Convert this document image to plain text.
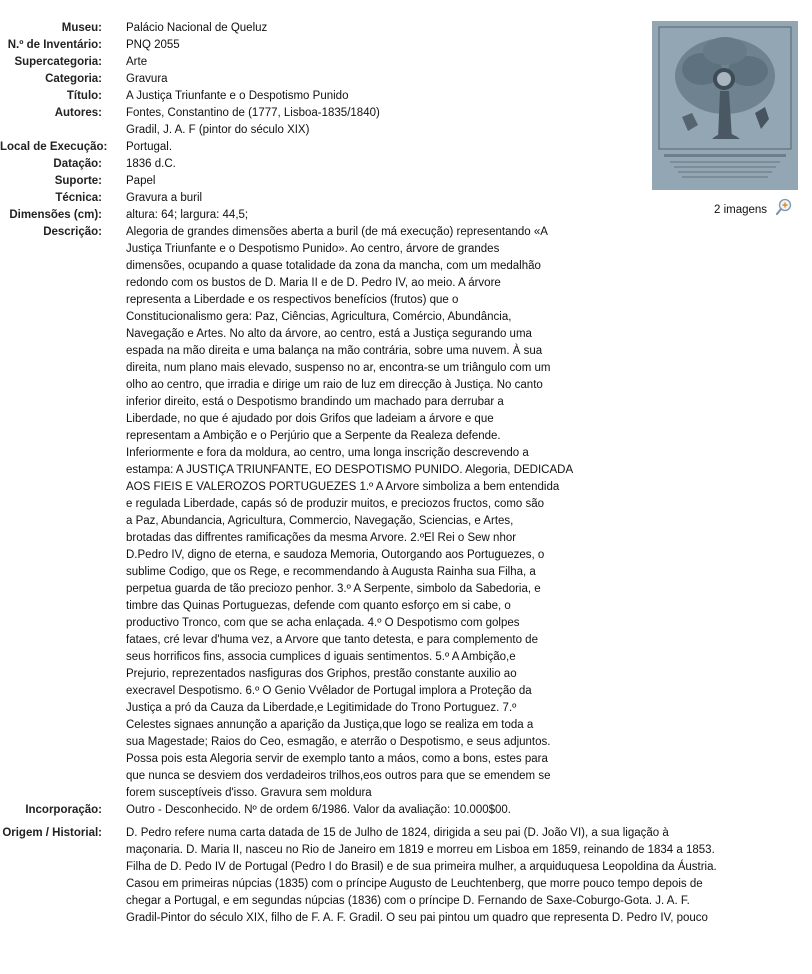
Museu:	Palácio Nacional de Queluz
N.º de Inventário:	PNQ 2055
Supercategoria:	Arte
Categoria:	Gravura
Título:	A Justiça Triunfante e o Despotismo Punido
Autores:	Fontes, Constantino de (1777, Lisboa-1835/1840)
Gradil, J. A. F (pintor do século XIX)
Local de Execução:	Portugal.
Datação:	1836 d.C.
Suporte:	Papel
Técnica:	Gravura a buril
Dimensões (cm):	altura: 64; largura: 44,5;
Descrição:	Alegoria de grandes dimensões aberta a buril (de má execução) representando «A
Justiça Triunfante e o Despotismo Punido». Ao centro, árvore de grandes
dimensões, ocupando a quase totalidade da zona da mancha, com um medalhão
redondo com os bustos de D. Maria II e de D. Pedro IV, ao meio. A árvore
representa a Liberdade e os respectivos benefícios (frutos) que o
Constitucionalismo gera: Paz, Ciências, Agricultura, Comércio, Abundância,
Navegação e Artes. No alto da árvore, ao centro, está a Justiça segurando uma
espada na mão direita e uma balança na mão contrária, sobre uma nuvem. À sua
direita, num plano mais elevado, suspenso no ar, encontra-se um triângulo com um
olho ao centro, que irradia e dirige um raio de luz em direcção à Justiça. No canto
inferior direito, está o Despotismo brandindo um machado para derrubar a
Liberdade, no que é ajudado por dois Grifos que ladeiam a árvore e que
representam a Ambição e o Perjúrio que a Serpente da Realeza defende.
Inferiormente e fora da moldura, ao centro, uma longa inscrição descrevendo a
estampa: A JUSTIÇA TRIUNFANTE, EO DESPOTISMO PUNIDO. Alegoria, DEDICADA
AOS FIEIS E VALEROZOS PORTUGUEZES 1.º A Arvore simboliza a bem entendida
e regulada Liberdade, capás só de produzir muitos, e preciozos fructos, como são
a Paz, Abundancia, Agricultura, Commercio, Navegação, Sciencias, e Artes,
brotadas das diffrentes ramificações da mesma Arvore. 2.ºEl Rei o Sew nhor
D.Pedro IV, digno de eterna, e saudoza Memoria, Outorgando aos Portuguezes, o
sublime Codigo, que os Rege, e recommendando à Augusta Rainha sua Filha, a
perpetua guarda de tão preciozo penhor. 3.º A Serpente, simbolo da Sabedoria, e
timbre das Quinas Portuguezas, defende com quanto esforço em si cabe, o
productivo Tronco, com que se acha enlaçada. 4.º O Despotismo com golpes
fataes, cré levar d'huma vez, a Arvore que tanto detesta, e para complemento de
seus horrificos fins, associa cumplices d iguais sentimentos. 5.º A Ambição,e
Prejurio, reprezentados nasfiguras dos Griphos, prestão constante auxilio ao
execravel Despotismo. 6.º O Genio Vvêlador de Portugal implora a Proteção da
Justiça a pró da Cauza da Liberdade,e Legitimidade do Trono Portuguez. 7.º
Celestes signaes annunção a aparição da Justiça,que logo se realiza em toda a
sua Magestade; Raios do Ceo, esmagão, e aterrão o Despotismo, e seus adjuntos.
Possa pois esta Alegoria servir de exemplo tanto a máos, como a bons, estes para
que nunca se desviem dos verdadeiros trilhos,eos outros para que se emendem se
forem susceptíveis d'isso. Gravura sem moldura
Incorporação:	Outro - Desconhecido. Nº de ordem 6/1986. Valor da avaliação: 10.000$00.
Origem / Historial:	D. Pedro refere numa carta datada de 15 de Julho de 1824, dirigida a seu pai (D. João VI), a sua ligação à
maçonaria. D. Maria II, nasceu no Rio de Janeiro em 1819 e morreu em Lisboa em 1859, reinando de 1834 a 1853.
Filha de D. Pedo IV de Portugal (Pedro I do Brasil) e de sua primeira mulher, a arquiduquesa Leopoldina da Áustria.
Casou em primeiras núpcias (1835) com o príncipe Augusto de Leuchtenberg, que morre pouco tempo depois de
chegar a Portugal, e em segundas núpcias (1836) com o príncipe D. Fernando de Saxe-Coburgo-Gota. J. A. F.
Gradil-Pintor do século XIX, filho de F. A. F. Gradil. O seu pai pintou um quadro que representa D. Pedro IV, pouco
2 imagens
